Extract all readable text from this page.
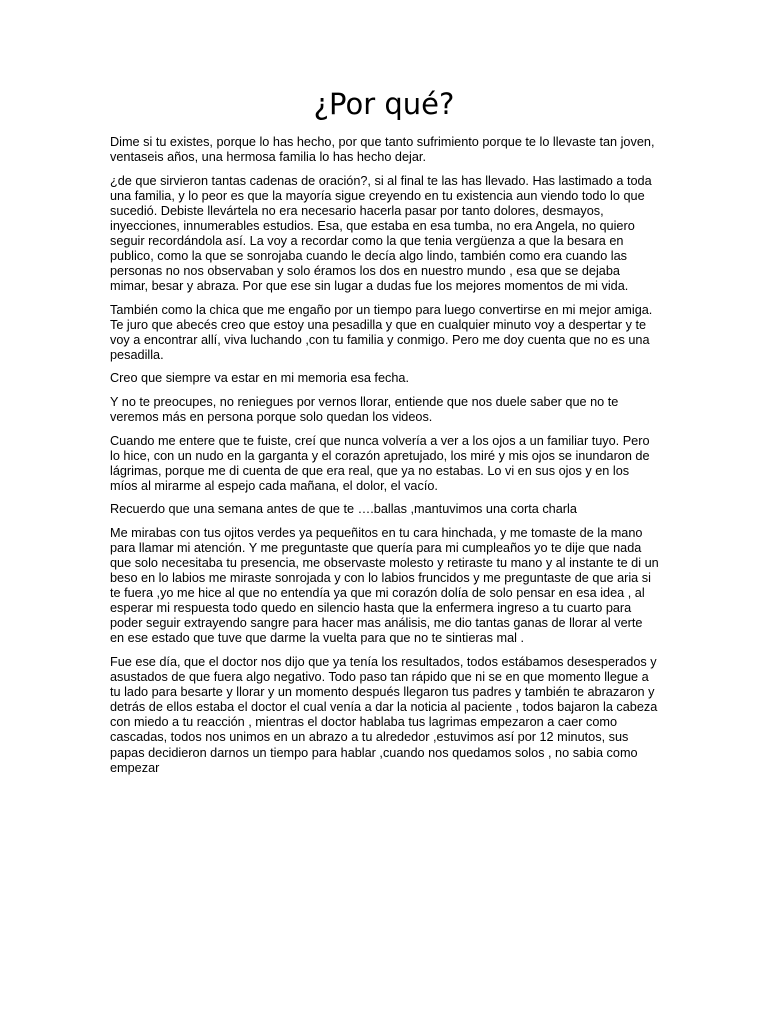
¿Por qué?

Dime si tu existes, porque lo has hecho, por que tanto sufrimiento porque te lo llevaste tan joven, ventaseis años, una hermosa familia lo has hecho dejar.

¿de que sirvieron tantas cadenas de oración?, si al final te las has llevado. Has lastimado a toda una familia, y lo peor es que la mayoría sigue creyendo en tu existencia aun viendo todo lo que sucedió. Debiste llevártela no era necesario hacerla pasar por tanto dolores, desmayos, inyecciones, innumerables estudios. Esa, que estaba en esa tumba, no era Angela, no quiero seguir recordándola así. La voy a recordar como la que tenia vergüenza a que la besara en publico, como la que se sonrojaba cuando le decía algo lindo, también como era cuando las personas no nos observaban y solo éramos los dos en nuestro mundo , esa que se dejaba mimar, besar y abraza. Por que ese sin lugar a dudas fue los mejores momentos de mi vida.

También como la chica que me engaño por un tiempo para luego convertirse en mi mejor amiga. Te juro que abecés creo que estoy una pesadilla y que en cualquier minuto voy a despertar y te voy a encontrar allí, viva luchando ,con tu familia y conmigo. Pero me doy cuenta que no es una pesadilla.

Creo que siempre va estar en mi memoria esa fecha.

Y no te preocupes, no reniegues por vernos llorar, entiende que nos duele saber que no te veremos más en persona porque solo quedan los videos.

Cuando me entere que te fuiste, creí que nunca volvería a ver a los ojos a un familiar tuyo. Pero lo hice, con un nudo en la garganta y el corazón apretujado, los miré y mis ojos se inundaron de lágrimas, porque me di cuenta de que era real, que ya no estabas. Lo vi en sus ojos y en los míos al mirarme al espejo cada mañana, el dolor, el vacío.

Recuerdo que una semana antes de que te ….ballas ,mantuvimos una corta charla

Me mirabas con tus ojitos verdes ya pequeñitos en tu cara hinchada, y me tomaste de la mano para llamar mi atención. Y me preguntaste que quería para mi cumpleaños yo te dije que nada que solo necesitaba tu presencia, me observaste molesto y retiraste tu mano y al instante te di un beso en lo labios me miraste sonrojada y con lo labios fruncidos y me preguntaste de que aria si te fuera ,yo me hice al que no entendía ya que mi corazón dolía de solo pensar en esa idea , al esperar mi respuesta todo quedo en silencio hasta que la enfermera ingreso a tu cuarto para poder seguir extrayendo sangre para hacer mas análisis, me dio tantas ganas de llorar al verte en ese estado que tuve que darme la vuelta para que no te sintieras mal .

Fue ese día, que el doctor nos dijo que ya tenía los resultados, todos estábamos desesperados y asustados de que fuera algo negativo. Todo paso tan rápido que ni se en que momento llegue a tu lado para besarte y llorar y un momento después llegaron tus padres y también te abrazaron y detrás de ellos estaba el doctor el cual venía a dar la noticia al paciente , todos bajaron la cabeza con miedo a tu reacción , mientras el doctor hablaba tus lagrimas empezaron a caer como cascadas, todos nos unimos en un abrazo a tu alrededor ,estuvimos así por 12 minutos, sus papas decidieron darnos un tiempo para hablar ,cuando nos quedamos solos , no sabia como empezar
